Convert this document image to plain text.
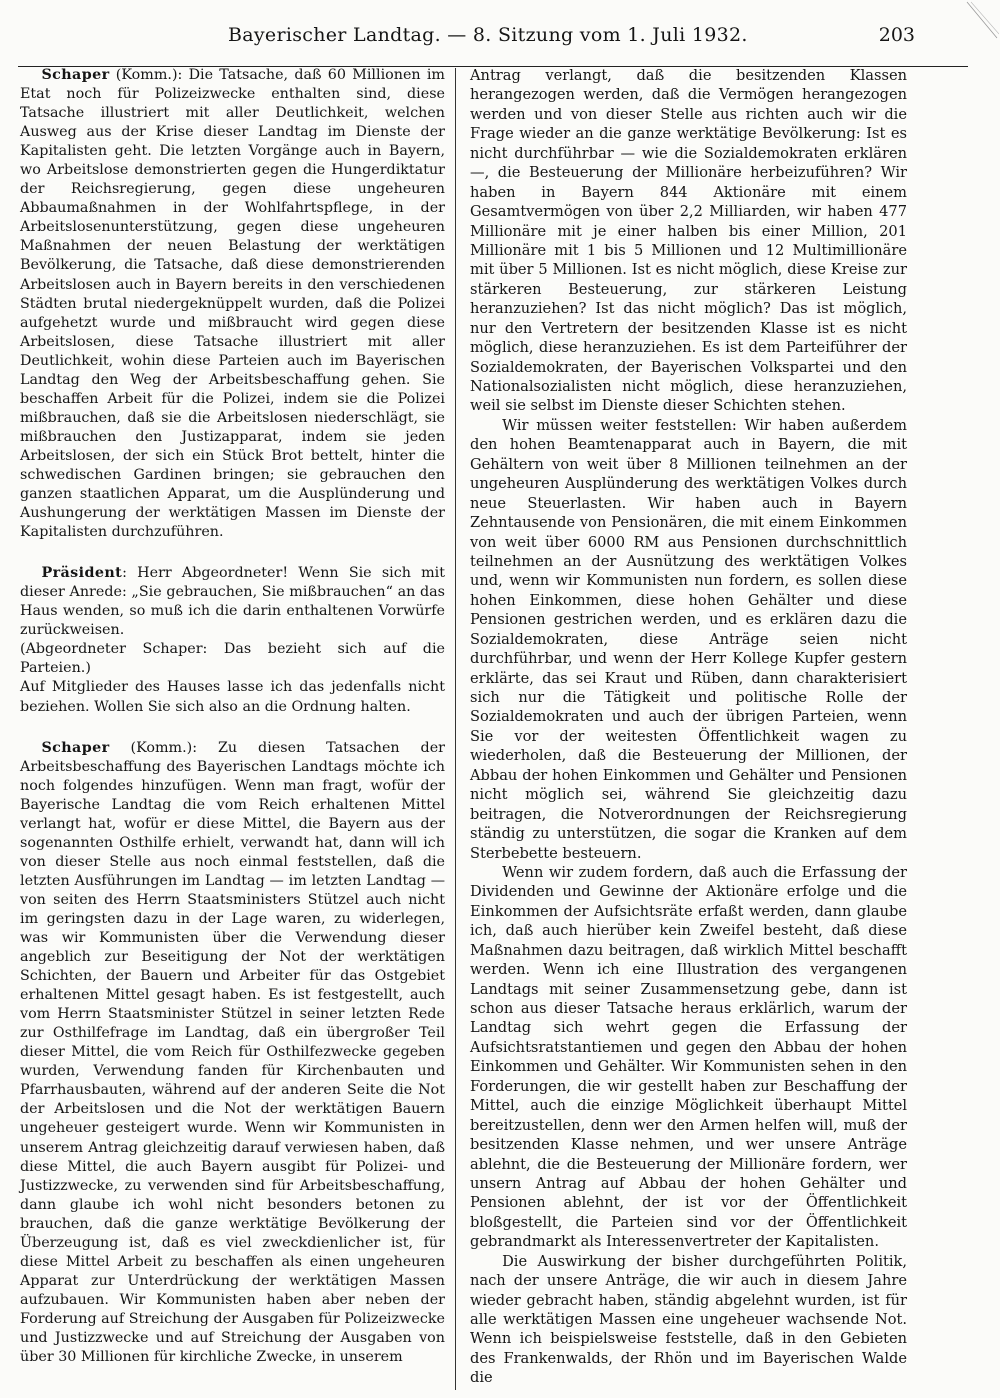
Bayerischer Landtag. — 8. Sitzung vom 1. Juli 1932.	203

Schaper (Komm.): Die Tatsache, daß 60 Millionen im Etat noch für Polizeizwecke enthalten sind, diese Tatsache illustriert mit aller Deutlichkeit, welchen Ausweg aus der Krise dieser Landtag im Dienste der Kapitalisten geht. Die letzten Vorgänge auch in Bayern, wo Arbeitslose demonstrierten gegen die Hungerdiktatur der Reichsregierung, gegen diese ungeheuren Abbaumaßnahmen in der Wohlfahrtspflege, in der Arbeitslosenunterstützung, gegen diese ungeheuren Maßnahmen der neuen Belastung der werktätigen Bevölkerung, die Tatsache, daß diese demonstrierenden Arbeitslosen auch in Bayern bereits in den verschiedenen Städten brutal niedergeknüppelt wurden, daß die Polizei aufgehetzt wurde und mißbraucht wird gegen diese Arbeitslosen, diese Tatsache illustriert mit aller Deutlichkeit, wohin diese Parteien auch im Bayerischen Landtag den Weg der Arbeitsbeschaffung gehen. Sie beschaffen Arbeit für die Polizei, indem sie die Polizei mißbrauchen, daß sie die Arbeitslosen niederschlägt, sie mißbrauchen den Justizapparat, indem sie jeden Arbeitslosen, der sich ein Stück Brot bettelt, hinter die schwedischen Gardinen bringen; sie gebrauchen den ganzen staatlichen Apparat, um die Ausplünderung und Aushungerung der werktätigen Massen im Dienste der Kapitalisten durchzuführen.

Präsident: Herr Abgeordneter! Wenn Sie sich mit dieser Anrede: „Sie gebrauchen, Sie mißbrauchen“ an das Haus wenden, so muß ich die darin enthaltenen Vorwürfe zurückweisen.

(Abgeordneter Schaper: Das bezieht sich auf die Parteien.)

Auf Mitglieder des Hauses lasse ich das jedenfalls nicht beziehen. Wollen Sie sich also an die Ordnung halten.

Schaper (Komm.): Zu diesen Tatsachen der Arbeitsbeschaffung des Bayerischen Landtags möchte ich noch folgendes hinzufügen. Wenn man fragt, wofür der Bayerische Landtag die vom Reich erhaltenen Mittel verlangt hat, wofür er diese Mittel, die Bayern aus der sogenannten Osthilfe erhielt, verwandt hat, dann will ich von dieser Stelle aus noch einmal feststellen, daß die letzten Ausführungen im Landtag — im letzten Landtag — von seiten des Herrn Staatsministers Stützel auch nicht im geringsten dazu in der Lage waren, zu widerlegen, was wir Kommunisten über die Verwendung dieser angeblich zur Beseitigung der Not der werktätigen Schichten, der Bauern und Arbeiter für das Ostgebiet erhaltenen Mittel gesagt haben. Es ist festgestellt, auch vom Herrn Staatsminister Stützel in seiner letzten Rede zur Osthilfefrage im Landtag, daß ein übergroßer Teil dieser Mittel, die vom Reich für Osthilfezwecke gegeben wurden, Verwendung fanden für Kirchenbauten und Pfarrhausbauten, während auf der anderen Seite die Not der Arbeitslosen und die Not der werktätigen Bauern ungeheuer gesteigert wurde. Wenn wir Kommunisten in unserem Antrag gleichzeitig darauf verwiesen haben, daß diese Mittel, die auch Bayern ausgibt für Polizei- und Justizzwecke, zu verwenden sind für Arbeitsbeschaffung, dann glaube ich wohl nicht besonders betonen zu brauchen, daß die ganze werktätige Bevölkerung der Überzeugung ist, daß es viel zweckdienlicher ist, für diese Mittel Arbeit zu beschaffen als einen ungeheuren Apparat zur Unterdrückung der werktätigen Massen aufzubauen. Wir Kommunisten haben aber neben der Forderung auf Streichung der Ausgaben für Polizeizwecke und Justizzwecke und auf Streichung der Ausgaben von über 30 Millionen für kirchliche Zwecke, in unserem

Antrag verlangt, daß die besitzenden Klassen herangezogen werden, daß die Vermögen herangezogen werden und von dieser Stelle aus richten auch wir die Frage wieder an die ganze werktätige Bevölkerung: Ist es nicht durchführbar — wie die Sozialdemokraten erklären —, die Besteuerung der Millionäre herbeizuführen? Wir haben in Bayern 844 Aktionäre mit einem Gesamtvermögen von über 2,2 Milliarden, wir haben 477 Millionäre mit je einer halben bis einer Million, 201 Millionäre mit 1 bis 5 Millionen und 12 Multimillionäre mit über 5 Millionen. Ist es nicht möglich, diese Kreise zur stärkeren Besteuerung, zur stärkeren Leistung heranzuziehen? Ist das nicht möglich? Das ist möglich, nur den Vertretern der besitzenden Klasse ist es nicht möglich, diese heranzuziehen. Es ist dem Parteiführer der Sozialdemokraten, der Bayerischen Volkspartei und den Nationalsozialisten nicht möglich, diese heranzuziehen, weil sie selbst im Dienste dieser Schichten stehen.

Wir müssen weiter feststellen: Wir haben außerdem den hohen Beamtenapparat auch in Bayern, die mit Gehältern von weit über 8 Millionen teilnehmen an der ungeheuren Ausplünderung des werktätigen Volkes durch neue Steuerlasten. Wir haben auch in Bayern Zehntausende von Pensionären, die mit einem Einkommen von weit über 6000 RM aus Pensionen durchschnittlich teilnehmen an der Ausnützung des werktätigen Volkes und, wenn wir Kommunisten nun fordern, es sollen diese hohen Einkommen, diese hohen Gehälter und diese Pensionen gestrichen werden, und es erklären dazu die Sozialdemokraten, diese Anträge seien nicht durchführbar, und wenn der Herr Kollege Kupfer gestern erklärte, das sei Kraut und Rüben, dann charakterisiert sich nur die Tätigkeit und politische Rolle der Sozialdemokraten und auch der übrigen Parteien, wenn Sie vor der weitesten Öffentlichkeit wagen zu wiederholen, daß die Besteuerung der Millionen, der Abbau der hohen Einkommen und Gehälter und Pensionen nicht möglich sei, während Sie gleichzeitig dazu beitragen, die Notverordnungen der Reichsregierung ständig zu unterstützen, die sogar die Kranken auf dem Sterbebette besteuern.

Wenn wir zudem fordern, daß auch die Erfassung der Dividenden und Gewinne der Aktionäre erfolge und die Einkommen der Aufsichtsräte erfaßt werden, dann glaube ich, daß auch hierüber kein Zweifel besteht, daß diese Maßnahmen dazu beitragen, daß wirklich Mittel beschafft werden. Wenn ich eine Illustration des vergangenen Landtags mit seiner Zusammensetzung gebe, dann ist schon aus dieser Tatsache heraus erklärlich, warum der Landtag sich wehrt gegen die Erfassung der Aufsichtsratstantiemen und gegen den Abbau der hohen Einkommen und Gehälter. Wir Kommunisten sehen in den Forderungen, die wir gestellt haben zur Beschaffung der Mittel, auch die einzige Möglichkeit überhaupt Mittel bereitzustellen, denn wer den Armen helfen will, muß der besitzenden Klasse nehmen, und wer unsere Anträge ablehnt, die die Besteuerung der Millionäre fordern, wer unsern Antrag auf Abbau der hohen Gehälter und Pensionen ablehnt, der ist vor der Öffentlichkeit bloßgestellt, die Parteien sind vor der Öffentlichkeit gebrandmarkt als Interessenvertreter der Kapitalisten.

Die Auswirkung der bisher durchgeführten Politik, nach der unsere Anträge, die wir auch in diesem Jahre wieder gebracht haben, ständig abgelehnt wurden, ist für alle werktätigen Massen eine ungeheuer wachsende Not. Wenn ich beispielsweise feststelle, daß in den Gebieten des Frankenwalds, der Rhön und im Bayerischen Walde die
